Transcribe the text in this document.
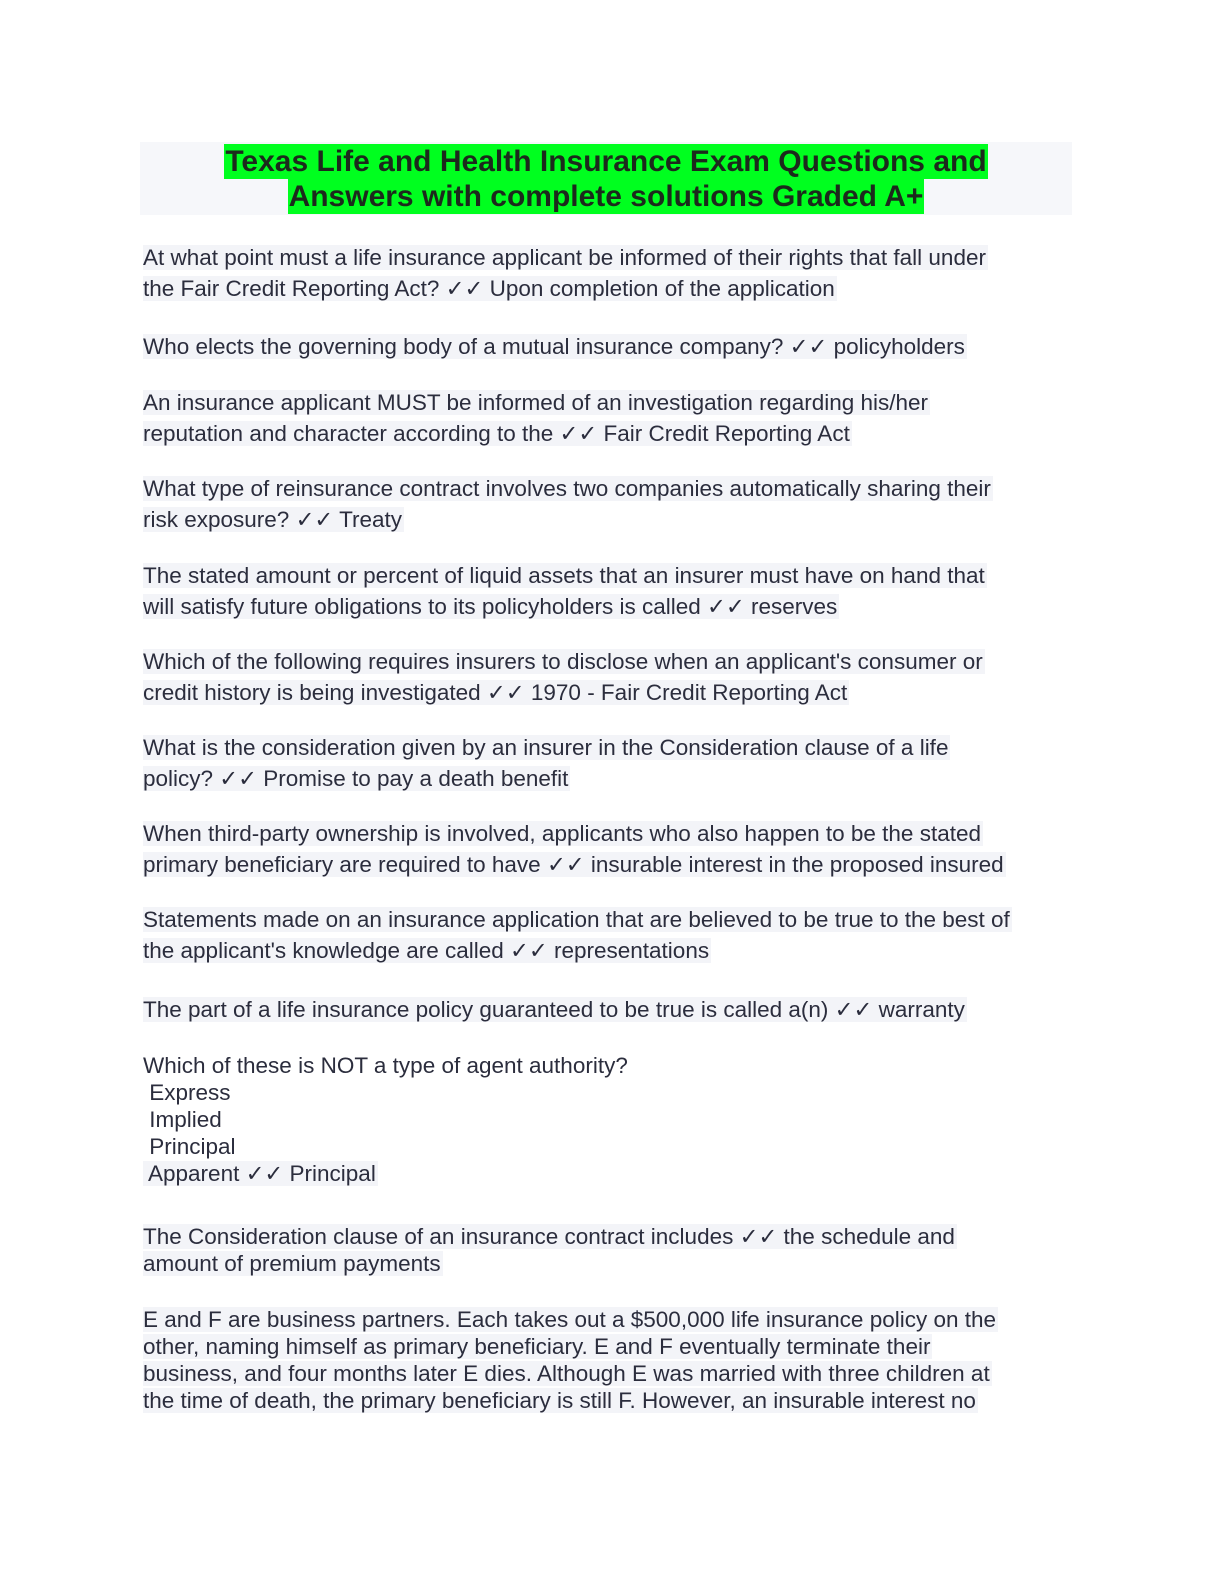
Texas Life and Health Insurance Exam Questions and
Answers with complete solutions Graded A+
At what point must a life insurance applicant be informed of their rights that fall under
the Fair Credit Reporting Act? ✓✓ Upon completion of the application
Who elects the governing body of a mutual insurance company? ✓✓ policyholders
An insurance applicant MUST be informed of an investigation regarding his/her
reputation and character according to the ✓✓ Fair Credit Reporting Act
What type of reinsurance contract involves two companies automatically sharing their
risk exposure? ✓✓ Treaty
The stated amount or percent of liquid assets that an insurer must have on hand that
will satisfy future obligations to its policyholders is called ✓✓ reserves
Which of the following requires insurers to disclose when an applicant's consumer or
credit history is being investigated ✓✓ 1970 - Fair Credit Reporting Act
What is the consideration given by an insurer in the Consideration clause of a life
policy? ✓✓ Promise to pay a death benefit
When third-party ownership is involved, applicants who also happen to be the stated
primary beneficiary are required to have ✓✓ insurable interest in the proposed insured
Statements made on an insurance application that are believed to be true to the best of
the applicant's knowledge are called ✓✓ representations
The part of a life insurance policy guaranteed to be true is called a(n) ✓✓ warranty
Which of these is NOT a type of agent authority?
Express
Implied
Principal
Apparent ✓✓ Principal
The Consideration clause of an insurance contract includes ✓✓ the schedule and
amount of premium payments
E and F are business partners. Each takes out a $500,000 life insurance policy on the
other, naming himself as primary beneficiary. E and F eventually terminate their
business, and four months later E dies. Although E was married with three children at
the time of death, the primary beneficiary is still F. However, an insurable interest no
